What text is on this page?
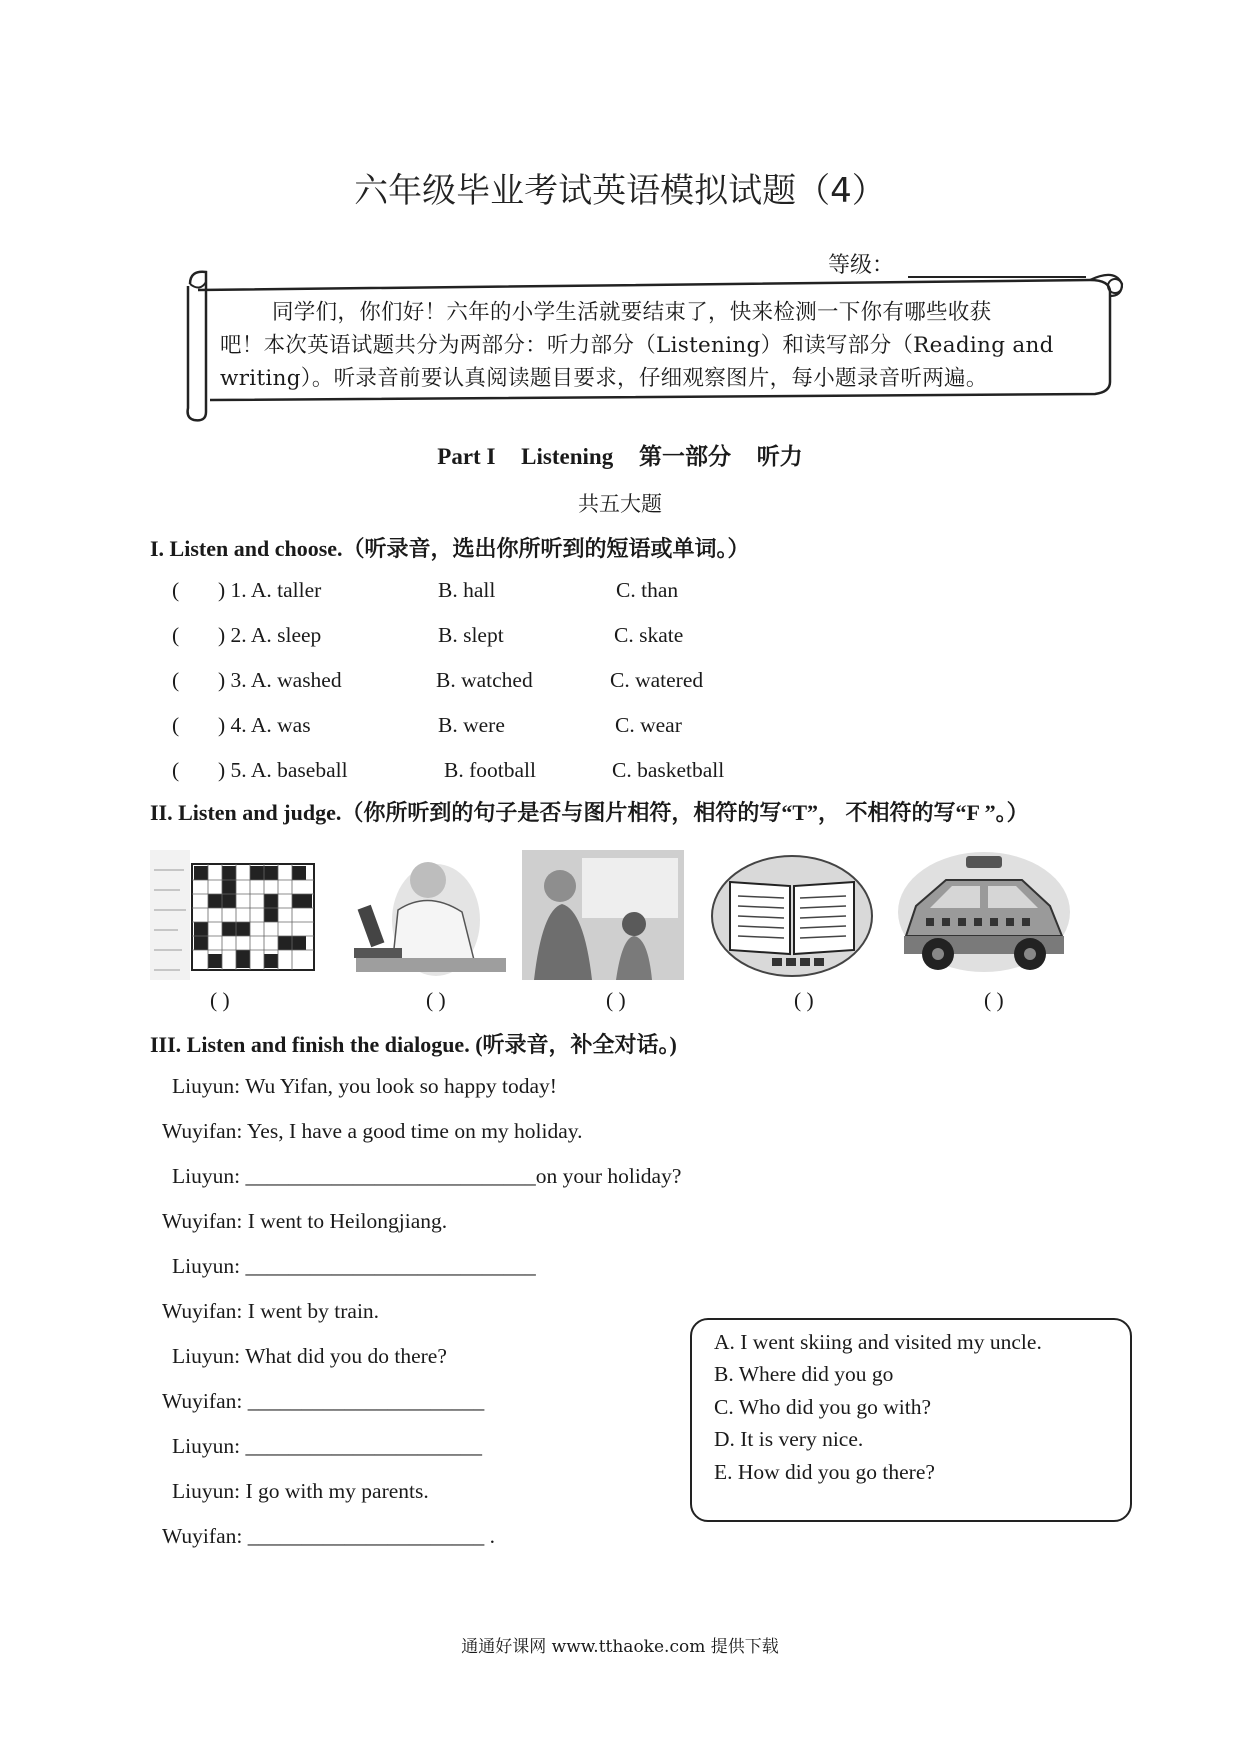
六年级毕业考试英语模拟试题（4）
等级：
同学们，你们好！六年的小学生活就要结束了，快来检测一下你有哪些收获
吧！本次英语试题共分为两部分：听力部分（Listening）和读写部分（Reading and
writing）。听录音前要认真阅读题目要求，仔细观察图片，每小题录音听两遍。
Part I Listening 第一部分 听力
共五大题
I. Listen and choose.（听录音，选出你所听到的短语或单词。）
( ) 1. A. taller	B. hall	C. than
( ) 2. A. sleep	B. slept	C. skate
( ) 3. A. washed	B. watched	C. watered
( ) 4. A. was	B. were	C. wear
( ) 5. A. baseball	B. football	C. basketball
II. Listen and judge.（你所听到的句子是否与图片相符，相符的写“T”， 不相符的写“F ”。）
( )	( )	( )	( )	( )
III. Listen and finish the dialogue. (听录音，补全对话。)
Liuyun: Wu Yifan, you look so happy today!
Wuyifan: Yes, I have a good time on my holiday.
Liuyun: ___________________________on your holiday?
Wuyifan: I went to Heilongjiang.
Liuyun: ___________________________
Wuyifan: I went by train.
Liuyun: What did you do there?
Wuyifan: ______________________
Liuyun: ______________________
Liuyun: I go with my parents.
Wuyifan: ______________________ .
A. I went skiing and visited my uncle.
B. Where did you go
C. Who did you go with?
D. It is very nice.
E. How did you go there?
通通好课网 www.tthaoke.com 提供下载
